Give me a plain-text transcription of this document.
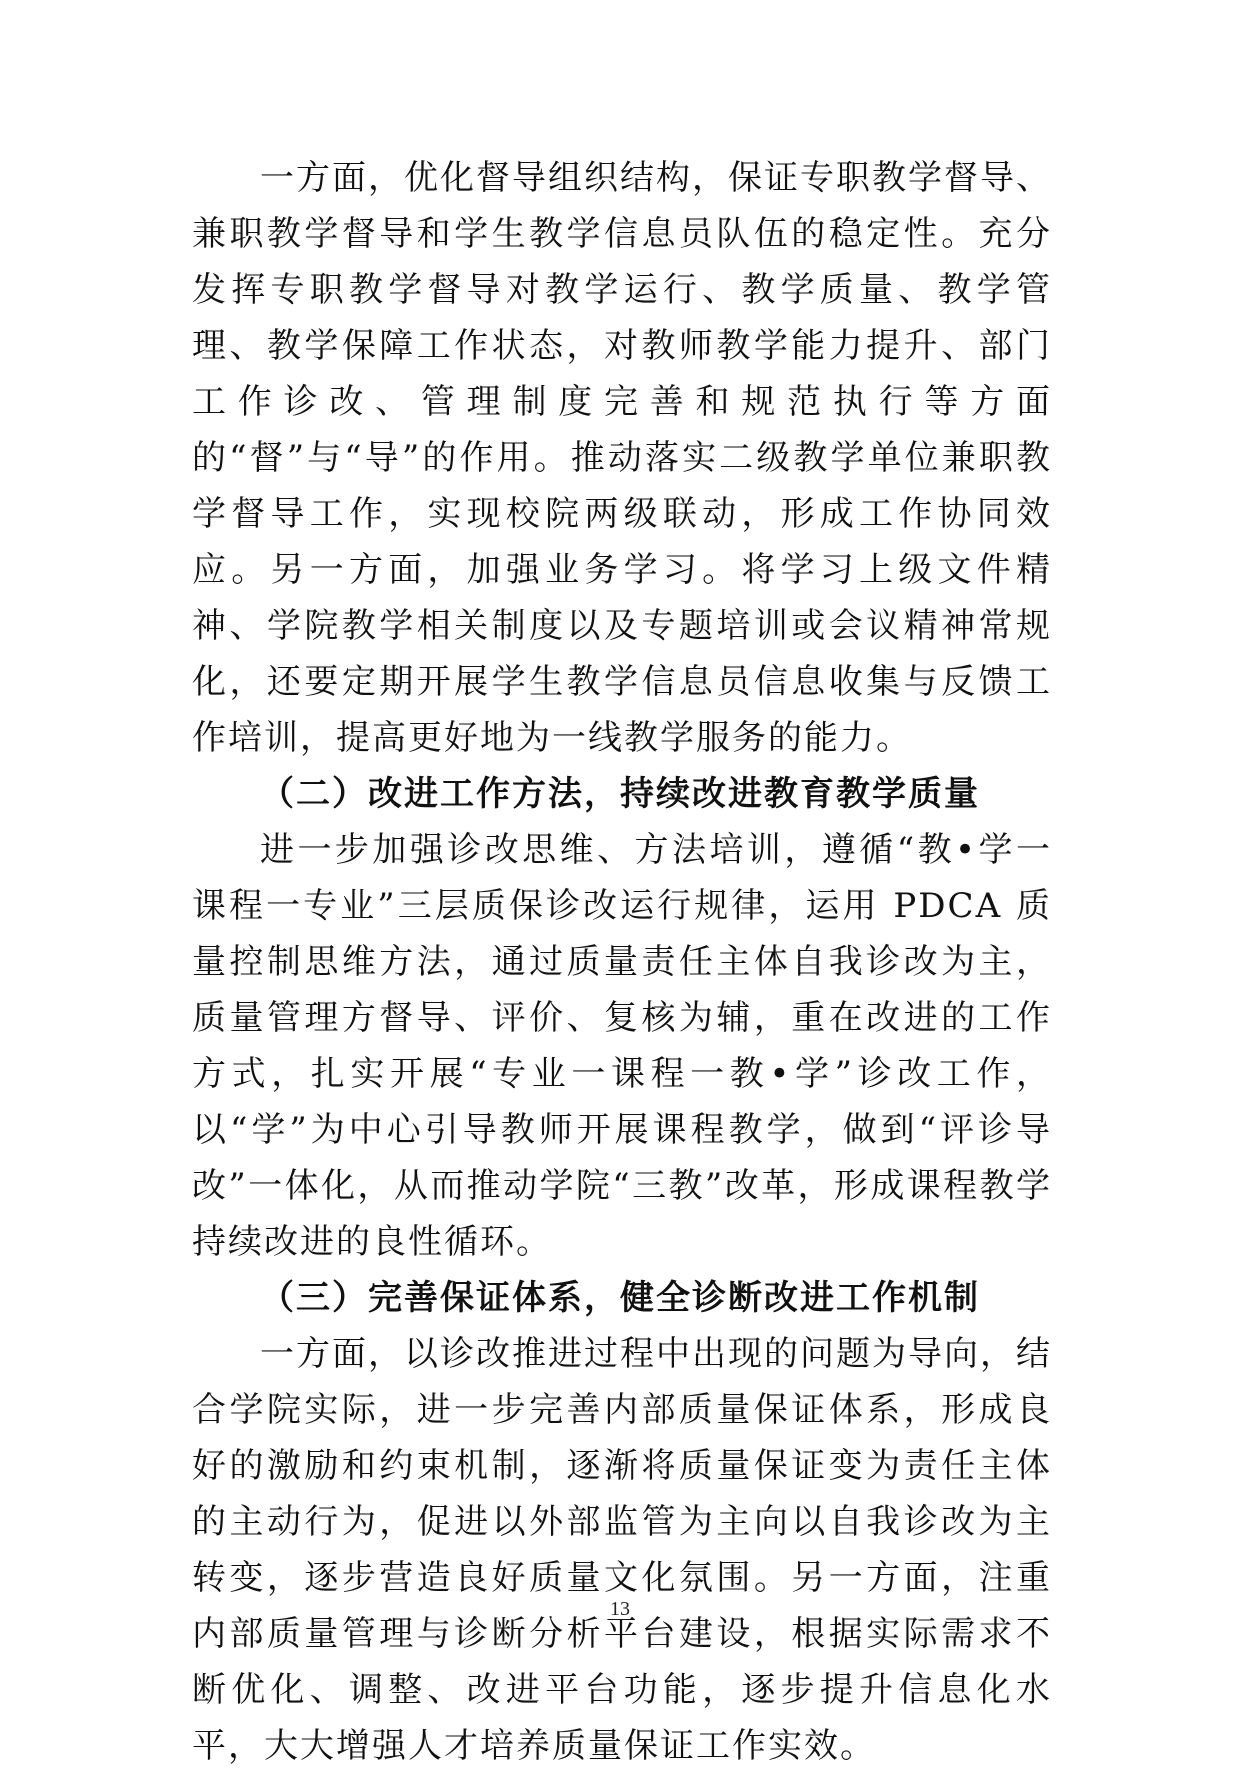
一方面，优化督导组织结构，保证专职教学督导、兼职教学督导和学生教学信息员队伍的稳定性。充分发挥专职教学督导对教学运行、教学质量、教学管理、教学保障工作状态，对教师教学能力提升、部门工作诊改、管理制度完善和规范执行等方面的“督”与“导”的作用。推动落实二级教学单位兼职教学督导工作，实现校院两级联动，形成工作协同效应。另一方面，加强业务学习。将学习上级文件精神、学院教学相关制度以及专题培训或会议精神常规化，还要定期开展学生教学信息员信息收集与反馈工作培训，提高更好地为一线教学服务的能力。

（二）改进工作方法，持续改进教育教学质量

进一步加强诊改思维、方法培训，遵循“教•学一课程一专业”三层质保诊改运行规律，运用 PDCA 质量控制思维方法，通过质量责任主体自我诊改为主，质量管理方督导、评价、复核为辅，重在改进的工作方式，扎实开展“专业一课程一教•学”诊改工作，以“学”为中心引导教师开展课程教学，做到“评诊导改”一体化，从而推动学院“三教”改革，形成课程教学持续改进的良性循环。

（三）完善保证体系，健全诊断改进工作机制

一方面，以诊改推进过程中出现的问题为导向，结合学院实际，进一步完善内部质量保证体系，形成良好的激励和约束机制，逐渐将质量保证变为责任主体的主动行为，促进以外部监管为主向以自我诊改为主转变，逐步营造良好质量文化氛围。另一方面，注重内部质量管理与诊断分析平台建设，根据实际需求不断优化、调整、改进平台功能，逐步提升信息化水平，大大增强人才培养质量保证工作实效。

13
